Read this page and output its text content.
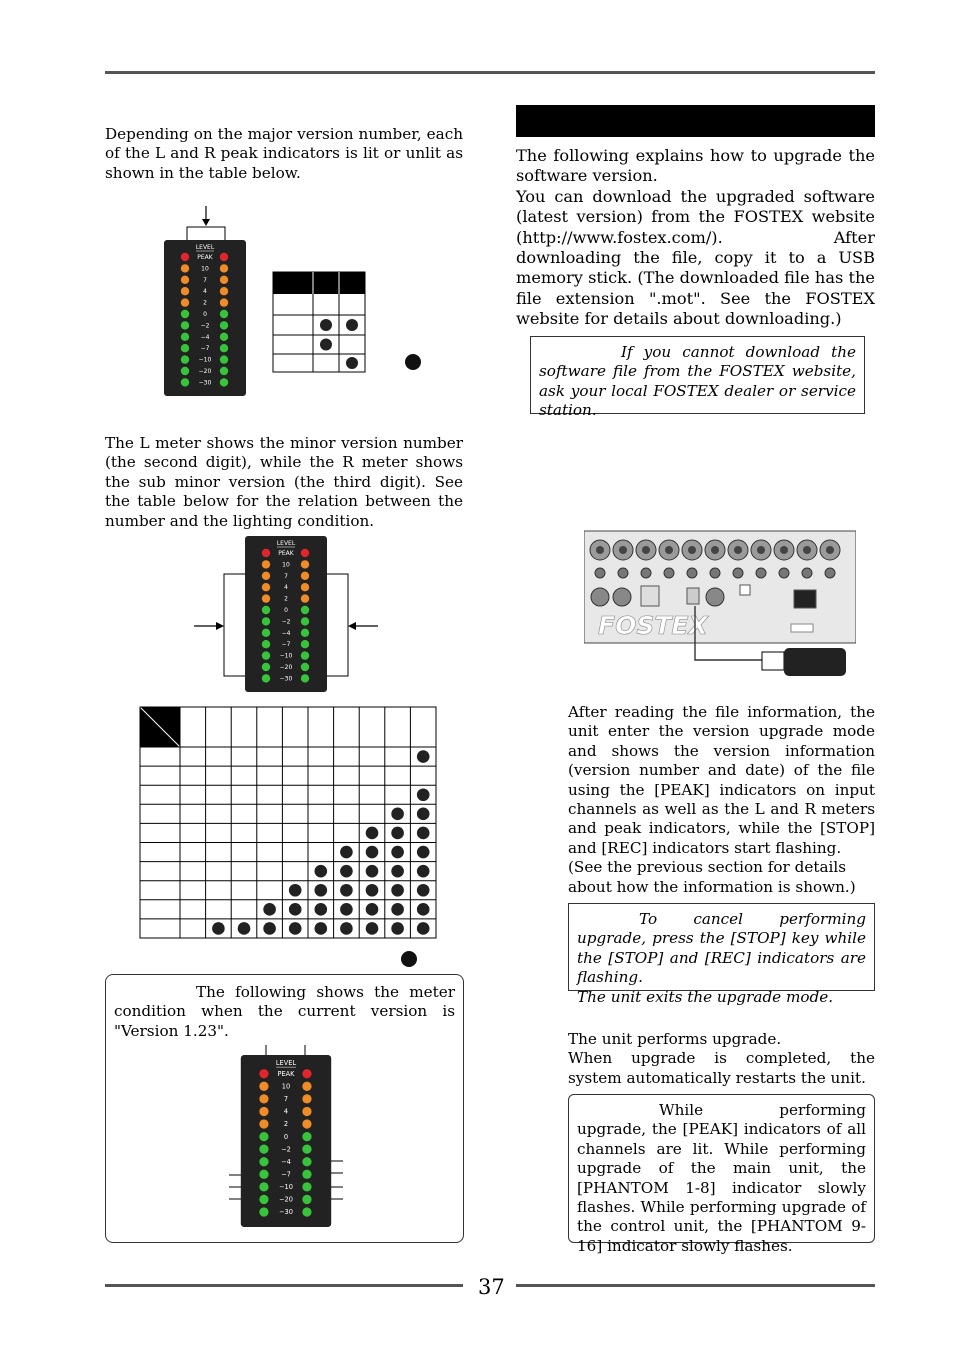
37

Depending on the major version number, each of the L and R peak indicators is lit or unlit as shown in the table below.

LEVEL
PEAK
10
7
4
2
0
−2
−4
−7
−10
−20
−30

The L meter shows the minor version number (the second digit), while the R meter shows the sub minor version (the third digit). See the table below for the relation between the number and the lighting condition.

LEVEL
PEAK
10
7
4
2
0
−2
−4
−7
−10
−20
−30

The following shows the meter condition when the current version is "Version 1.23".

LEVEL
PEAK
10
7
4
2
0
−2
−4
−7
−10
−20
−30

The following explains how to upgrade the software version.

You can download the upgraded software (latest version) from the FOSTEX website (http://www.fostex.com/). After downloading the file, copy it to a USB memory stick. (The downloaded file has the file extension ".mot". See the FOSTEX website for details about downloading.)

If you cannot download the software file from the FOSTEX website, ask your local FOSTEX dealer or service station.

FOSTEX

After reading the file information, the unit enter the version upgrade mode and shows the version information (version number and date) of the file using the [PEAK] indicators on input channels as well as the L and R meters and peak indicators, while the [STOP] and [REC] indicators start flashing.

(See the previous section for details about how the information is shown.)

To cancel performing upgrade, press the [STOP] key while the [STOP] and [REC] indicators are flashing.

The unit exits the upgrade mode.

The unit performs upgrade.

When upgrade is completed, the system automatically restarts the unit.

While performing upgrade, the [PEAK] indicators of all channels are lit. While performing upgrade of the main unit, the [PHANTOM 1-8] indicator slowly flashes. While performing upgrade of the control unit, the [PHANTOM 9-16] indicator slowly flashes.
